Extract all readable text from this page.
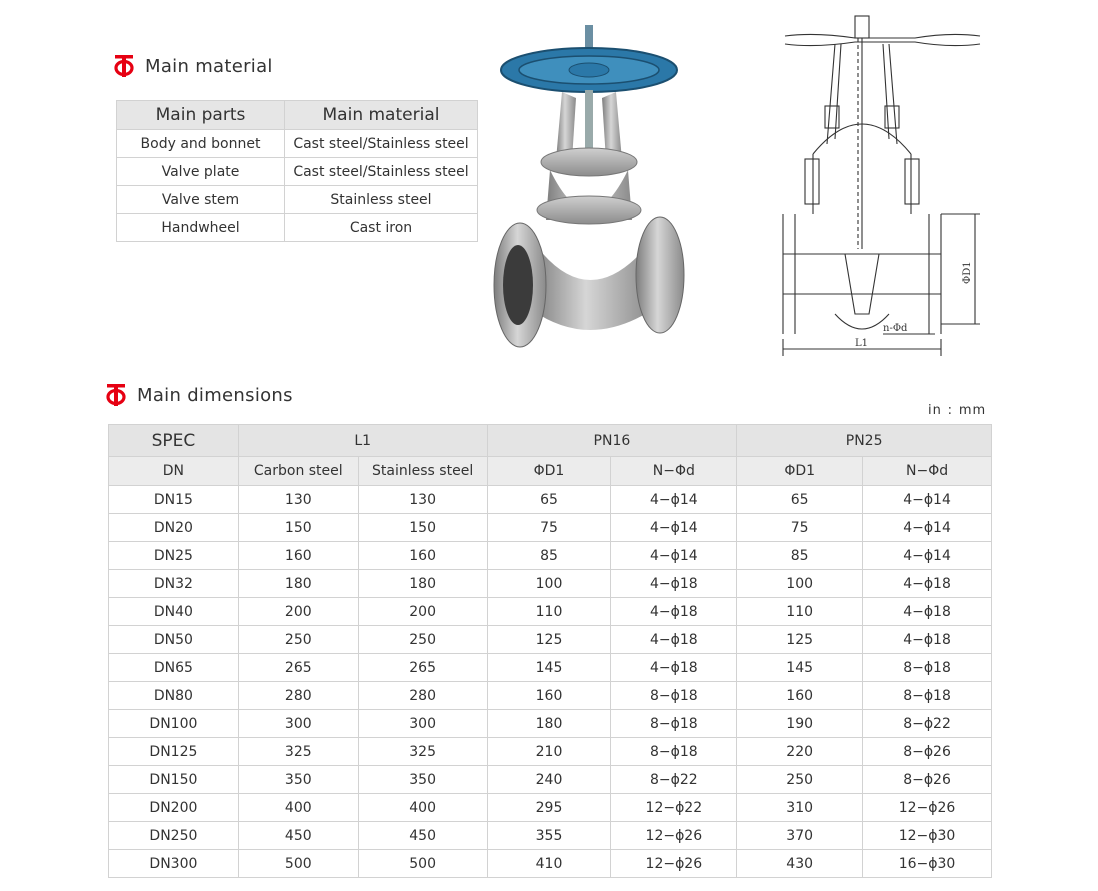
Main material
Main parts	Main material
Body and bonnet	Cast steel/Stainless steel
Valve plate	Cast steel/Stainless steel
Valve stem	Stainless steel
Handwheel	Cast iron
L1
n-Φd
ΦD1
Main dimensions
in : mm
SPEC	L1		PN16		PN25	
DN	Carbon steel	Stainless steel	ΦD1	N−Φd	ΦD1	N−Φd
DN15	130	130	65	4−ϕ14	65	4−ϕ14
DN20	150	150	75	4−ϕ14	75	4−ϕ14
DN25	160	160	85	4−ϕ14	85	4−ϕ14
DN32	180	180	100	4−ϕ18	100	4−ϕ18
DN40	200	200	110	4−ϕ18	110	4−ϕ18
DN50	250	250	125	4−ϕ18	125	4−ϕ18
DN65	265	265	145	4−ϕ18	145	8−ϕ18
DN80	280	280	160	8−ϕ18	160	8−ϕ18
DN100	300	300	180	8−ϕ18	190	8−ϕ22
DN125	325	325	210	8−ϕ18	220	8−ϕ26
DN150	350	350	240	8−ϕ22	250	8−ϕ26
DN200	400	400	295	12−ϕ22	310	12−ϕ26
DN250	450	450	355	12−ϕ26	370	12−ϕ30
DN300	500	500	410	12−ϕ26	430	16−ϕ30
